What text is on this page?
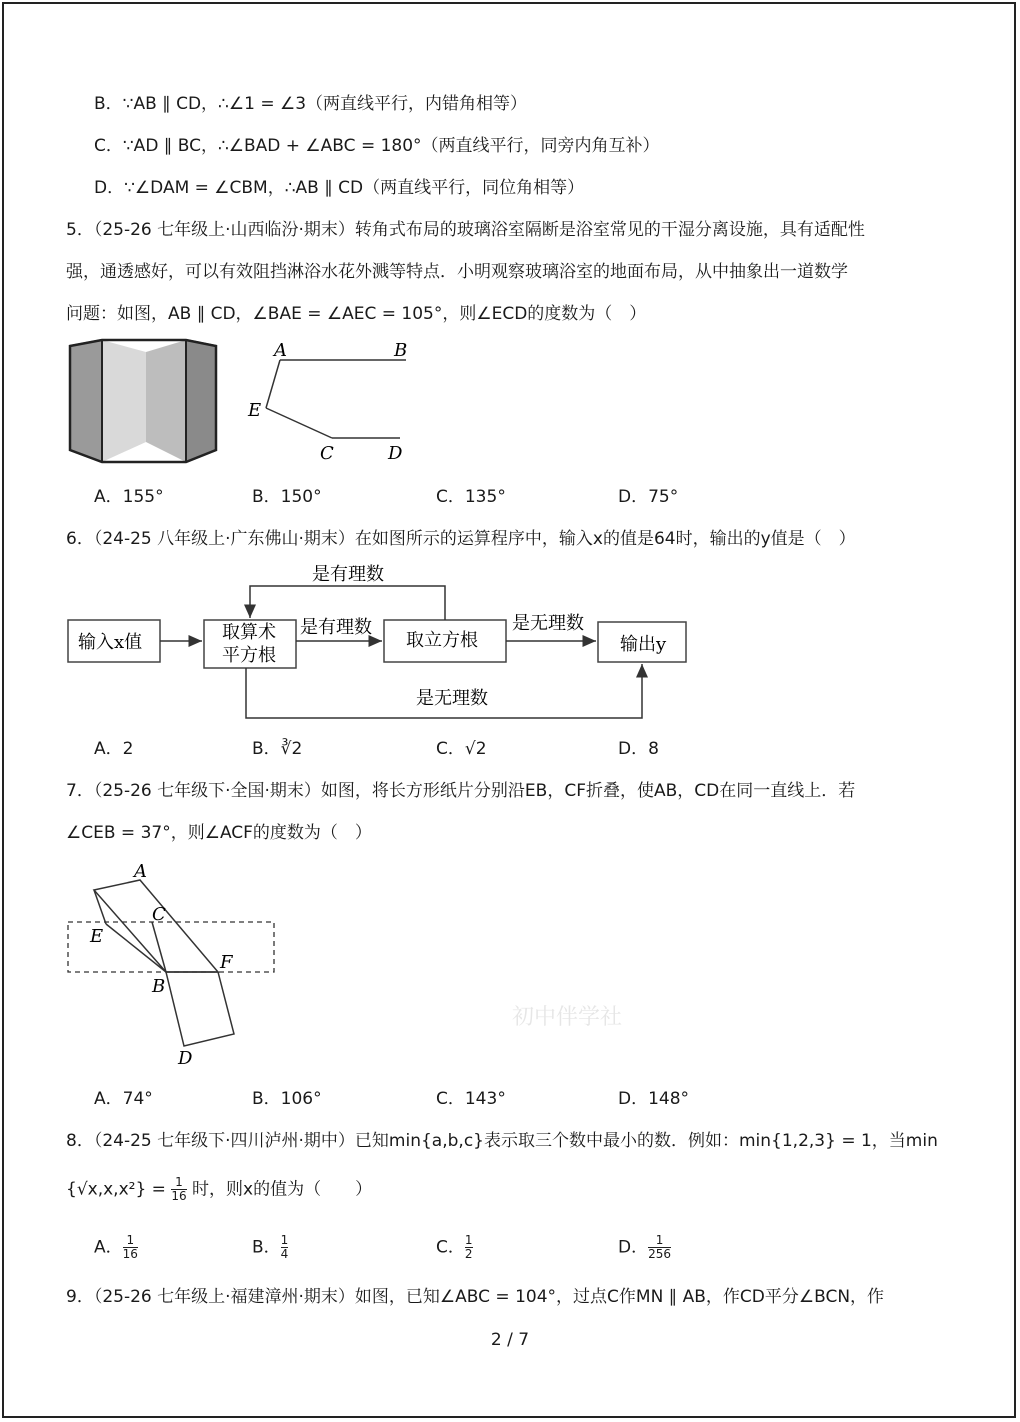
B．∵AB ∥ CD，∴∠1 = ∠3（两直线平行，内错角相等）
C．∵AD ∥ BC，∴∠BAD + ∠ABC = 180°（两直线平行，同旁内角互补）
D．∵∠DAM = ∠CBM，∴AB ∥ CD（两直线平行，同位角相等）
5．（25-26 七年级上·山西临汾·期末）转角式布局的玻璃浴室隔断是浴室常见的干湿分离设施，具有适配性
强，通透感好，可以有效阻挡淋浴水花外溅等特点．小明观察玻璃浴室的地面布局，从中抽象出一道数学
问题：如图，AB ∥ CD，∠BAE = ∠AEC = 105°，则∠ECD的度数为（　）
A	B
E
C	D
A．155°	B．150°	C．135°	D．75°
6．（24-25 八年级上·广东佛山·期末）在如图所示的运算程序中，输入x的值是64时，输出的y值是（　）
输入x值	取算术
平方根
取立方根	输出y
是有理数
是有理数	是无理数
是无理数
A．2	B．∛2	C．√2	D．8
7．（25-26 七年级下·全国·期末）如图，将长方形纸片分别沿EB，CF折叠，使AB，CD在同一直线上．若
∠CEB = 37°，则∠ACF的度数为（　）
A
C
E
F
B
D
初中伴学社
A．74°	B．106°	C．143°	D．148°
8．（24-25 七年级下·四川泸州·期中）已知min{a,b,c}表示取三个数中最小的数．例如：min{1,2,3} = 1，当min
$\{√x,x,x^2\} = \frac{1}{16}$ 时，则x的值为（　　）
A． $\frac{1}{16}$	B． $\frac{1}{4}$	C． $\frac{1}{2}$	D． $\frac{1}{256}$
9．（25-26 七年级上·福建漳州·期末）如图，已知∠ABC = 104°，过点C作MN ∥ AB，作CD平分∠BCN，作
2 / 7
